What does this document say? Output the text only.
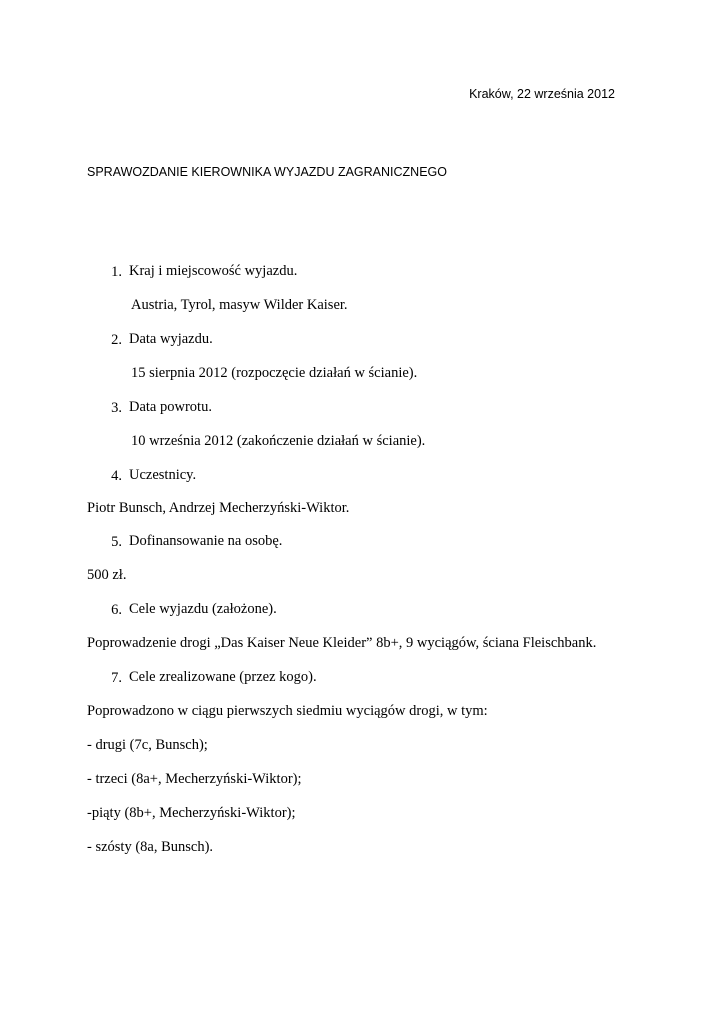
Kraków, 22 września 2012
SPRAWOZDANIE KIEROWNIKA WYJAZDU ZAGRANICZNEGO
1. Kraj i miejscowość wyjazdu.
Austria, Tyrol, masyw Wilder Kaiser.
2. Data wyjazdu.
15 sierpnia 2012 (rozpoczęcie działań w ścianie).
3. Data powrotu.
10 września 2012 (zakończenie działań w ścianie).
4. Uczestnicy.
Piotr Bunsch, Andrzej Mecherzyński-Wiktor.
5. Dofinansowanie na osobę.
500 zł.
6. Cele wyjazdu (założone).
Poprowadzenie drogi „Das Kaiser Neue Kleider” 8b+, 9 wyciągów, ściana Fleischbank.
7. Cele zrealizowane (przez kogo).
Poprowadzono w ciągu pierwszych siedmiu wyciągów drogi, w tym:
- drugi (7c, Bunsch);
- trzeci (8a+, Mecherzyński-Wiktor);
-piąty (8b+, Mecherzyński-Wiktor);
- szósty (8a, Bunsch).
